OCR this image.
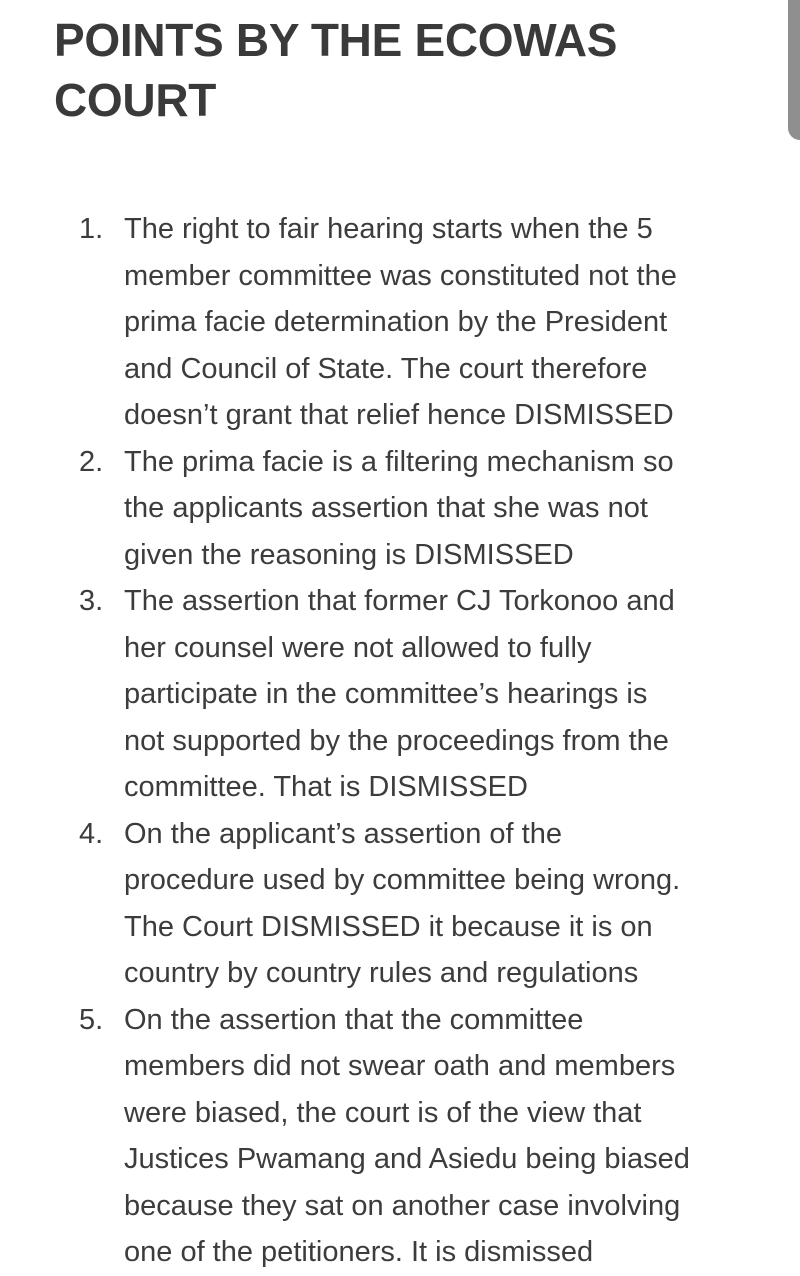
POINTS BY THE ECOWAS
COURT
1. The right to fair hearing starts when the 5
member committee was constituted not the
prima facie determination by the President
and Council of State. The court therefore
doesn’t grant that relief hence DISMISSED
2. The prima facie is a filtering mechanism so
the applicants assertion that she was not
given the reasoning is DISMISSED
3. The assertion that former CJ Torkonoo and
her counsel were not allowed to fully
participate in the committee’s hearings is
not supported by the proceedings from the
committee. That is DISMISSED
4. On the applicant’s assertion of the
procedure used by committee being wrong.
The Court DISMISSED it because it is on
country by country rules and regulations
5. On the assertion that the committee
members did not swear oath and members
were biased, the court is of the view that
Justices Pwamang and Asiedu being biased
because they sat on another case involving
one of the petitioners. It is dismissed
